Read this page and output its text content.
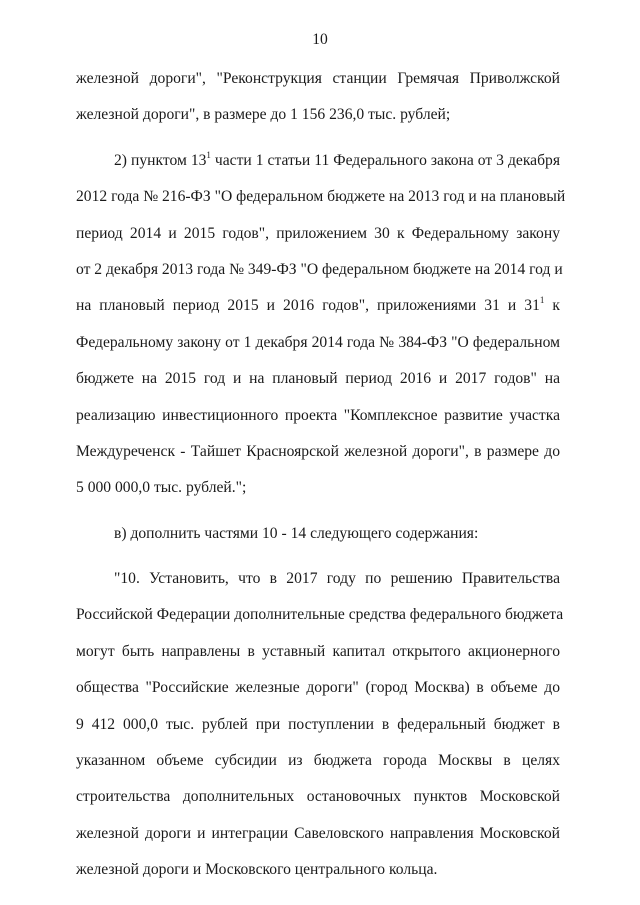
10
железной дороги", "Реконструкция станции Гремячая Приволжской
железной дороги", в размере до 1 156 236,0 тыс. рублей;
2) пунктом $13^1$ части 1 статьи 11 Федерального закона от 3 декабря
2012 года № 216-ФЗ "О федеральном бюджете на 2013 год и на плановый
период 2014 и 2015 годов", приложением 30 к Федеральному закону
от 2 декабря 2013 года № 349-ФЗ "О федеральном бюджете на 2014 год и
на плановый период 2015 и 2016 годов", приложениями 31 и $31^1$ к
Федеральному закону от 1 декабря 2014 года № 384-ФЗ "О федеральном
бюджете на 2015 год и на плановый период 2016 и 2017 годов" на
реализацию инвестиционного проекта "Комплексное развитие участка
Междуреченск - Тайшет Красноярской железной дороги", в размере до
5 000 000,0 тыс. рублей.";
в) дополнить частями 10 - 14 следующего содержания:
"10. Установить, что в 2017 году по решению Правительства
Российской Федерации дополнительные средства федерального бюджета
могут быть направлены в уставный капитал открытого акционерного
общества "Российские железные дороги" (город Москва) в объеме до
9 412 000,0 тыс. рублей при поступлении в федеральный бюджет в
указанном объеме субсидии из бюджета города Москвы в целях
строительства дополнительных остановочных пунктов Московской
железной дороги и интеграции Савеловского направления Московской
железной дороги и Московского центрального кольца.
